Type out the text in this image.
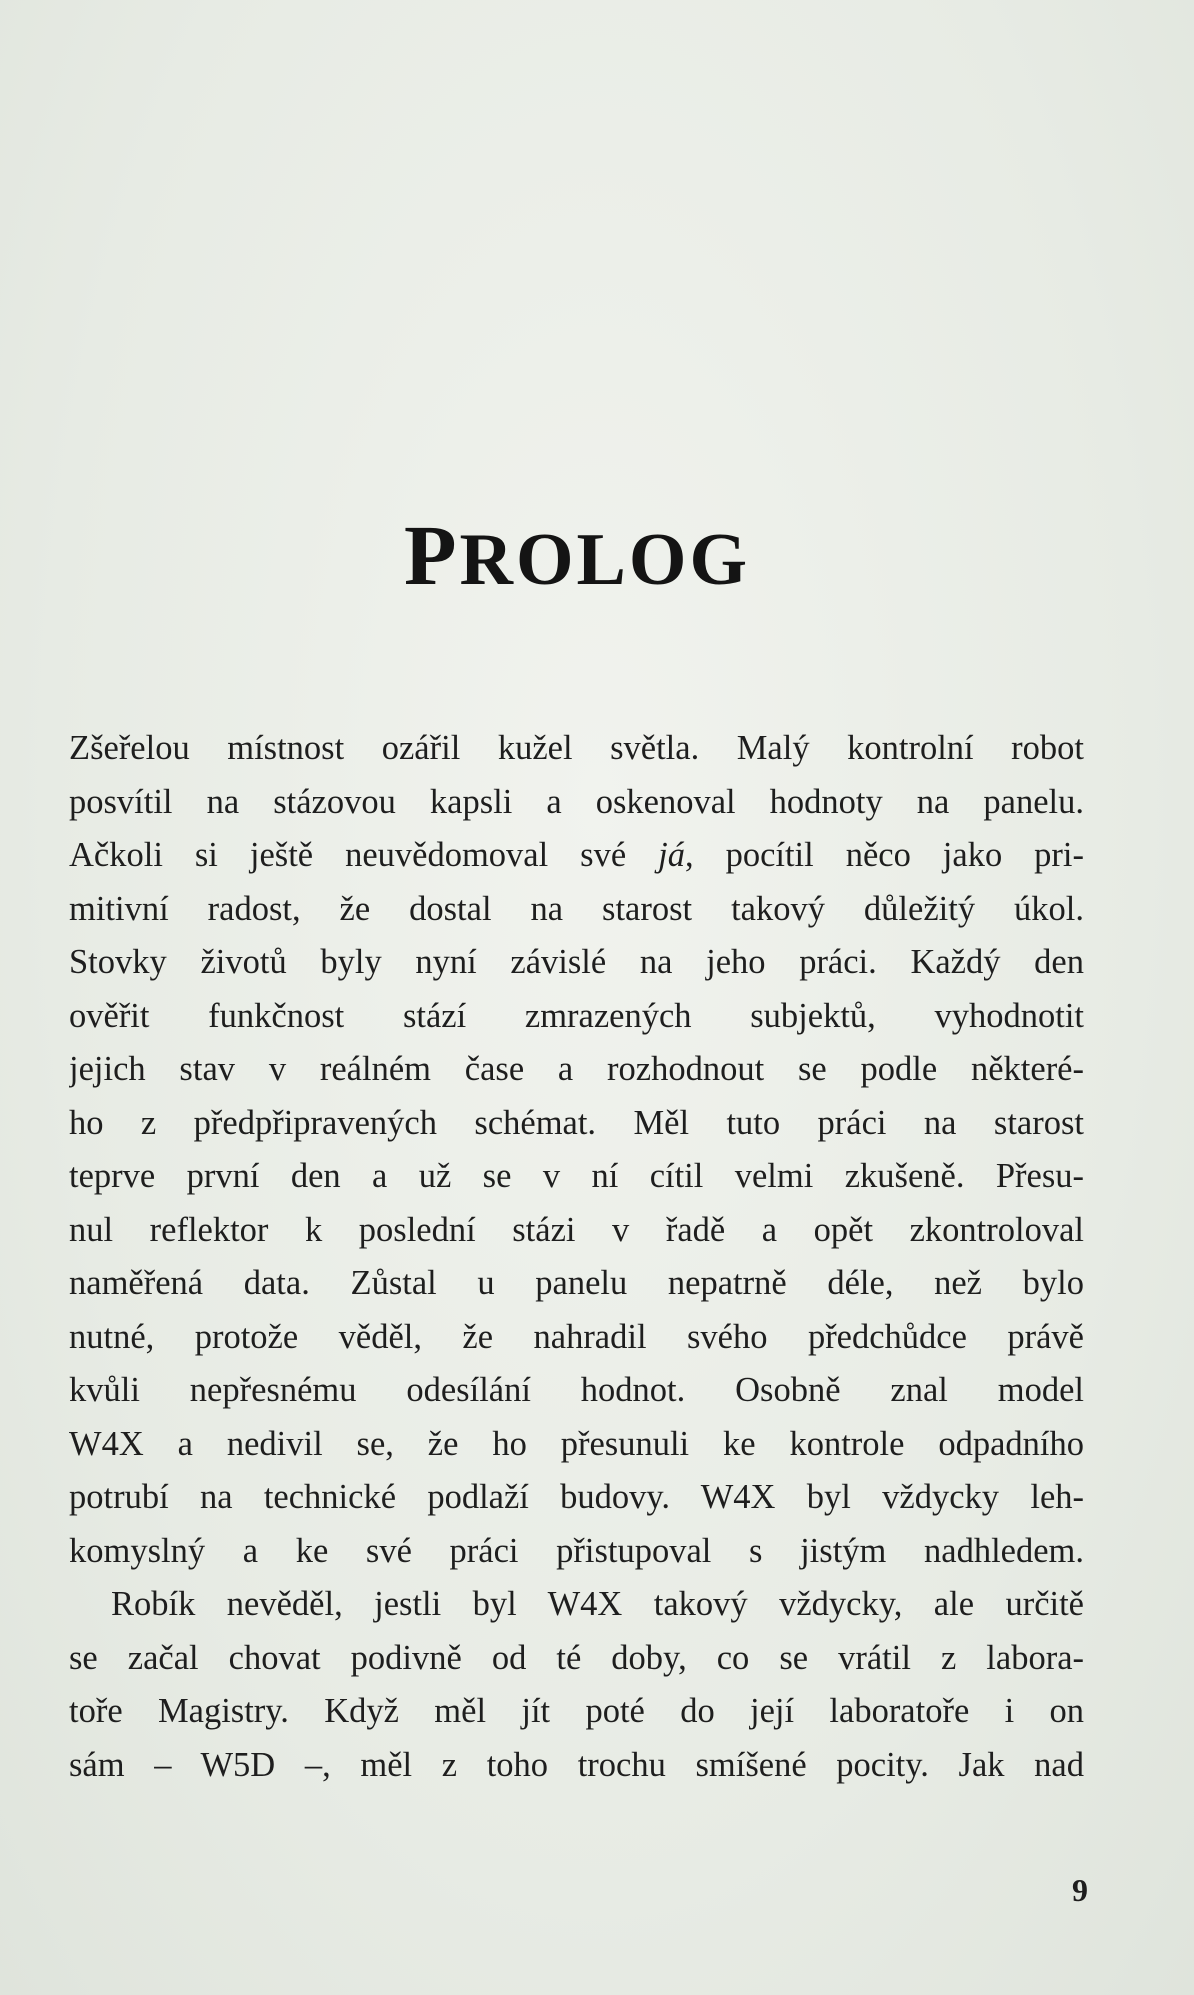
PROLOG
Zšeřelou místnost ozářil kužel světla. Malý kontrolní robot
posvítil na stázovou kapsli a oskenoval hodnoty na panelu.
Ačkoli si ještě neuvědomoval své já, pocítil něco jako pri-
mitivní radost, že dostal na starost takový důležitý úkol.
Stovky životů byly nyní závislé na jeho práci. Každý den
ověřit funkčnost stází zmrazených subjektů, vyhodnotit
jejich stav v reálném čase a rozhodnout se podle některé-
ho z předpřipravených schémat. Měl tuto práci na starost
teprve první den a už se v ní cítil velmi zkušeně. Přesu-
nul reflektor k poslední stázi v řadě a opět zkontroloval
naměřená data. Zůstal u panelu nepatrně déle, než bylo
nutné, protože věděl, že nahradil svého předchůdce právě
kvůli nepřesnému odesílání hodnot. Osobně znal model
W4X a nedivil se, že ho přesunuli ke kontrole odpadního
potrubí na technické podlaží budovy. W4X byl vždycky leh-
komyslný a ke své práci přistupoval s jistým nadhledem.
Robík nevěděl, jestli byl W4X takový vždycky, ale určitě
se začal chovat podivně od té doby, co se vrátil z labora-
toře Magistry. Když měl jít poté do její laboratoře i on
sám – W5D –, měl z toho trochu smíšené pocity. Jak nad

9
